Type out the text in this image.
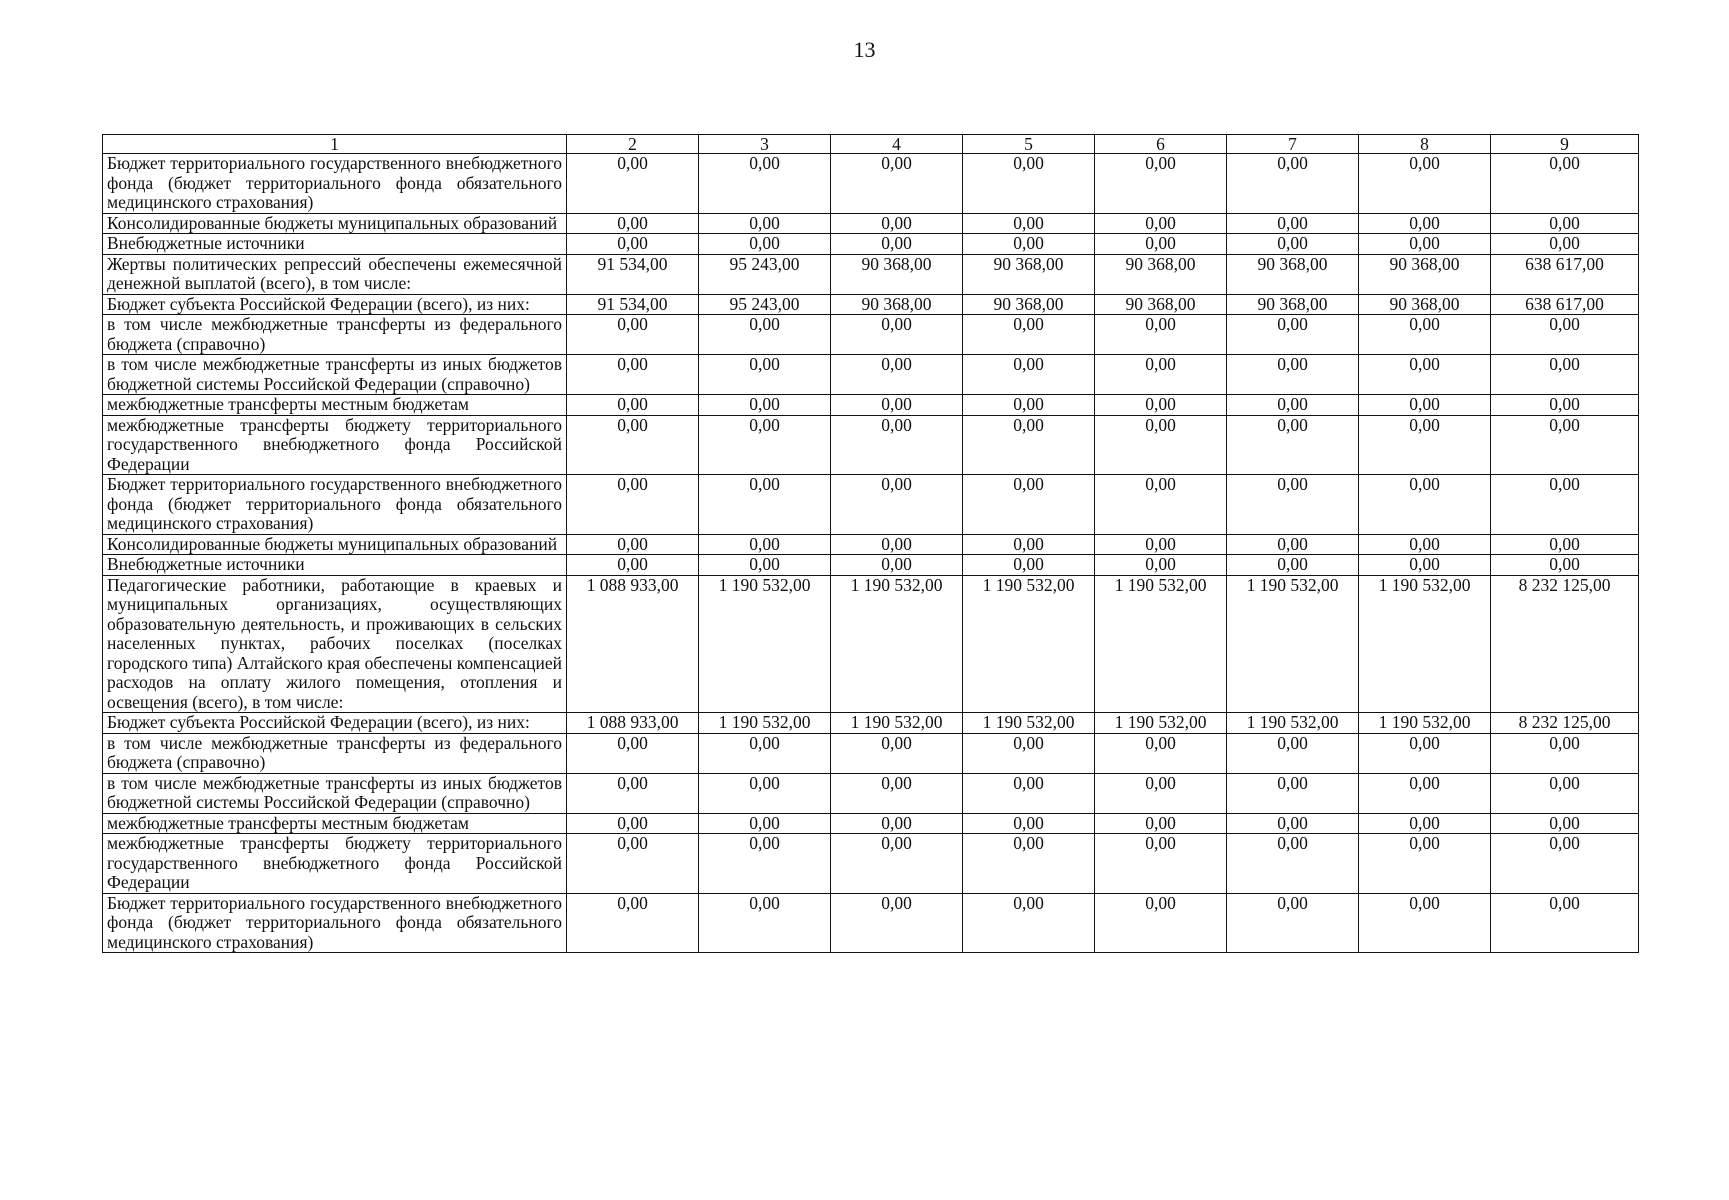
13
1	2	3	4	5	6	7	8	9
Бюджет территориального государственного внебюджетного фонда (бюджет территориального фонда обязательного медицинского страхования)	0,00	0,00	0,00	0,00	0,00	0,00	0,00	0,00
Консолидированные бюджеты муниципальных образований	0,00	0,00	0,00	0,00	0,00	0,00	0,00	0,00
Внебюджетные источники	0,00	0,00	0,00	0,00	0,00	0,00	0,00	0,00
Жертвы политических репрессий обеспечены ежемесячной денежной выплатой (всего), в том числе:	91 534,00	95 243,00	90 368,00	90 368,00	90 368,00	90 368,00	90 368,00	638 617,00
Бюджет субъекта Российской Федерации (всего), из них:	91 534,00	95 243,00	90 368,00	90 368,00	90 368,00	90 368,00	90 368,00	638 617,00
в том числе межбюджетные трансферты из федерального бюджета (справочно)	0,00	0,00	0,00	0,00	0,00	0,00	0,00	0,00
в том числе межбюджетные трансферты из иных бюджетов бюджетной системы Российской Федерации (справочно)	0,00	0,00	0,00	0,00	0,00	0,00	0,00	0,00
межбюджетные трансферты местным бюджетам	0,00	0,00	0,00	0,00	0,00	0,00	0,00	0,00
межбюджетные трансферты бюджету территориального государственного внебюджетного фонда Российской Федерации	0,00	0,00	0,00	0,00	0,00	0,00	0,00	0,00
Бюджет территориального государственного внебюджетного фонда (бюджет территориального фонда обязательного медицинского страхования)	0,00	0,00	0,00	0,00	0,00	0,00	0,00	0,00
Консолидированные бюджеты муниципальных образований	0,00	0,00	0,00	0,00	0,00	0,00	0,00	0,00
Внебюджетные источники	0,00	0,00	0,00	0,00	0,00	0,00	0,00	0,00
Педагогические работники, работающие в краевых и муниципальных организациях, осуществляющих образовательную деятельность, и проживающих в сельских населенных пунктах, рабочих поселках (поселках городского типа) Алтайского края обеспечены компенсацией расходов на оплату жилого помещения, отопления и освещения (всего), в том числе:	1 088 933,00	1 190 532,00	1 190 532,00	1 190 532,00	1 190 532,00	1 190 532,00	1 190 532,00	8 232 125,00
Бюджет субъекта Российской Федерации (всего), из них:	1 088 933,00	1 190 532,00	1 190 532,00	1 190 532,00	1 190 532,00	1 190 532,00	1 190 532,00	8 232 125,00
в том числе межбюджетные трансферты из федерального бюджета (справочно)	0,00	0,00	0,00	0,00	0,00	0,00	0,00	0,00
в том числе межбюджетные трансферты из иных бюджетов бюджетной системы Российской Федерации (справочно)	0,00	0,00	0,00	0,00	0,00	0,00	0,00	0,00
межбюджетные трансферты местным бюджетам	0,00	0,00	0,00	0,00	0,00	0,00	0,00	0,00
межбюджетные трансферты бюджету территориального государственного внебюджетного фонда Российской Федерации	0,00	0,00	0,00	0,00	0,00	0,00	0,00	0,00
Бюджет территориального государственного внебюджетного фонда (бюджет территориального фонда обязательного медицинского страхования)	0,00	0,00	0,00	0,00	0,00	0,00	0,00	0,00
